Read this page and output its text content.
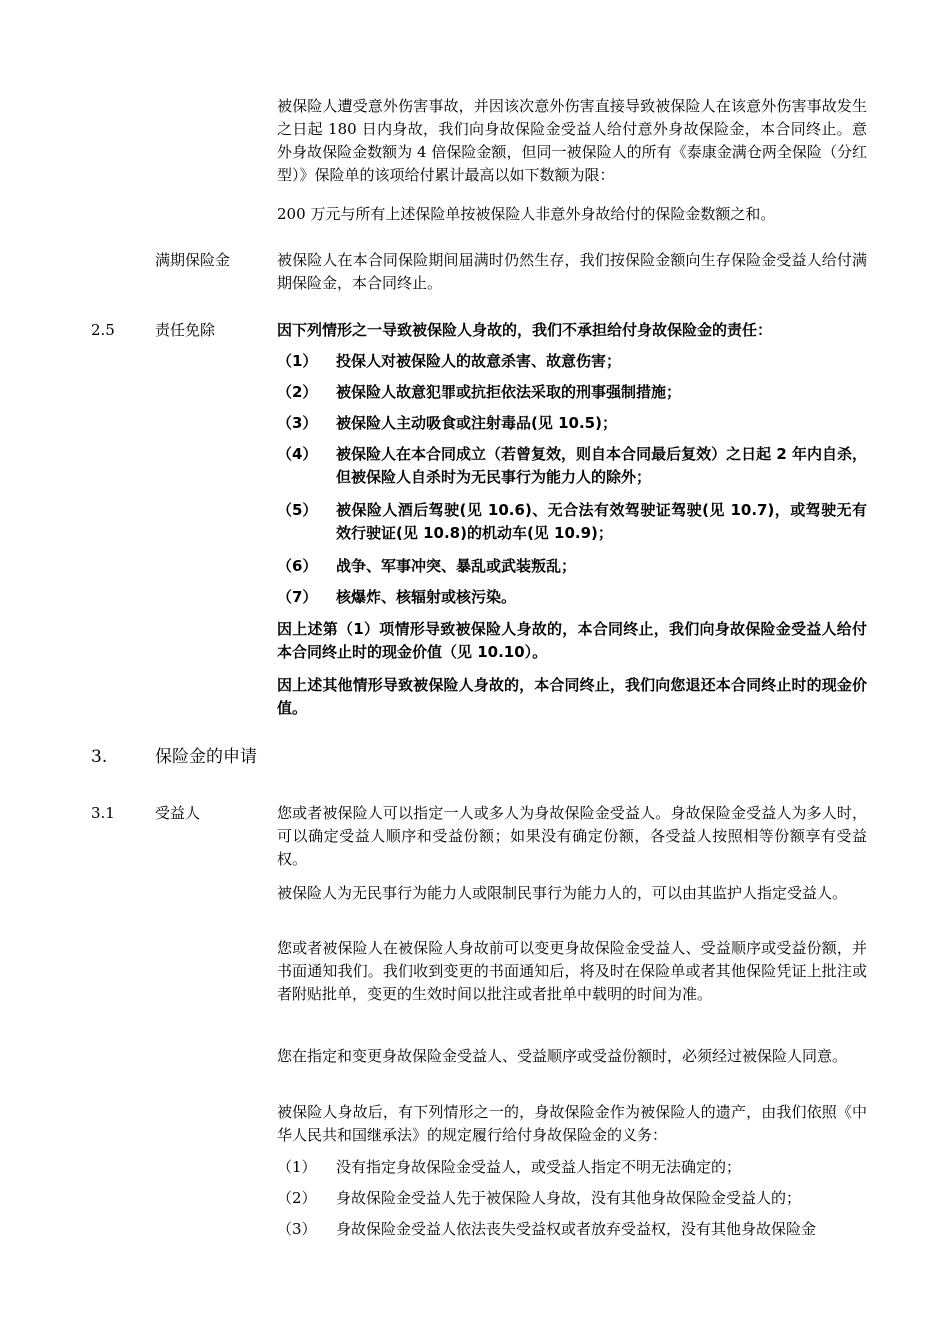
被保险人遭受意外伤害事故，并因该次意外伤害直接导致被保险人在该意外伤害事故发生之日起 180 日内身故，我们向身故保险金受益人给付意外身故保险金，本合同终止。意外身故保险金数额为 4 倍保险金额，但同一被保险人的所有《泰康金满仓两全保险（分红型）》保险单的该项给付累计最高以如下数额为限：

200 万元与所有上述保险单按被保险人非意外身故给付的保险金数额之和。

满期保险金	被保险人在本合同保险期间届满时仍然生存，我们按保险金额向生存保险金受益人给付满期保险金，本合同终止。

2.5	责任免除	因下列情形之一导致被保险人身故的，我们不承担给付身故保险金的责任：

（1）	投保人对被保险人的故意杀害、故意伤害；
（2）	被保险人故意犯罪或抗拒依法采取的刑事强制措施；
（3）	被保险人主动吸食或注射毒品(见 10.5)；
（4）	被保险人在本合同成立（若曾复效，则自本合同最后复效）之日起 2 年内自杀，但被保险人自杀时为无民事行为能力人的除外；
（5）	被保险人酒后驾驶(见 10.6)、无合法有效驾驶证驾驶(见 10.7)，或驾驶无有效行驶证(见 10.8)的机动车(见 10.9)；
（6）	战争、军事冲突、暴乱或武装叛乱；
（7）	核爆炸、核辐射或核污染。

因上述第（1）项情形导致被保险人身故的，本合同终止，我们向身故保险金受益人给付本合同终止时的现金价值（见 10.10）。

因上述其他情形导致被保险人身故的，本合同终止，我们向您退还本合同终止时的现金价值。

3.	保险金的申请
3.1	受益人	您或者被保险人可以指定一人或多人为身故保险金受益人。身故保险金受益人为多人时，可以确定受益人顺序和受益份额；如果没有确定份额，各受益人按照相等份额享有受益权。

被保险人为无民事行为能力人或限制民事行为能力人的，可以由其监护人指定受益人。

您或者被保险人在被保险人身故前可以变更身故保险金受益人、受益顺序或受益份额，并书面通知我们。我们收到变更的书面通知后，将及时在保险单或者其他保险凭证上批注或者附贴批单，变更的生效时间以批注或者批单中载明的时间为准。

您在指定和变更身故保险金受益人、受益顺序或受益份额时，必须经过被保险人同意。

被保险人身故后，有下列情形之一的，身故保险金作为被保险人的遗产，由我们依照《中华人民共和国继承法》的规定履行给付身故保险金的义务：

（1）	没有指定身故保险金受益人，或受益人指定不明无法确定的；
（2）	身故保险金受益人先于被保险人身故，没有其他身故保险金受益人的；
（3）	身故保险金受益人依法丧失受益权或者放弃受益权，没有其他身故保险金
